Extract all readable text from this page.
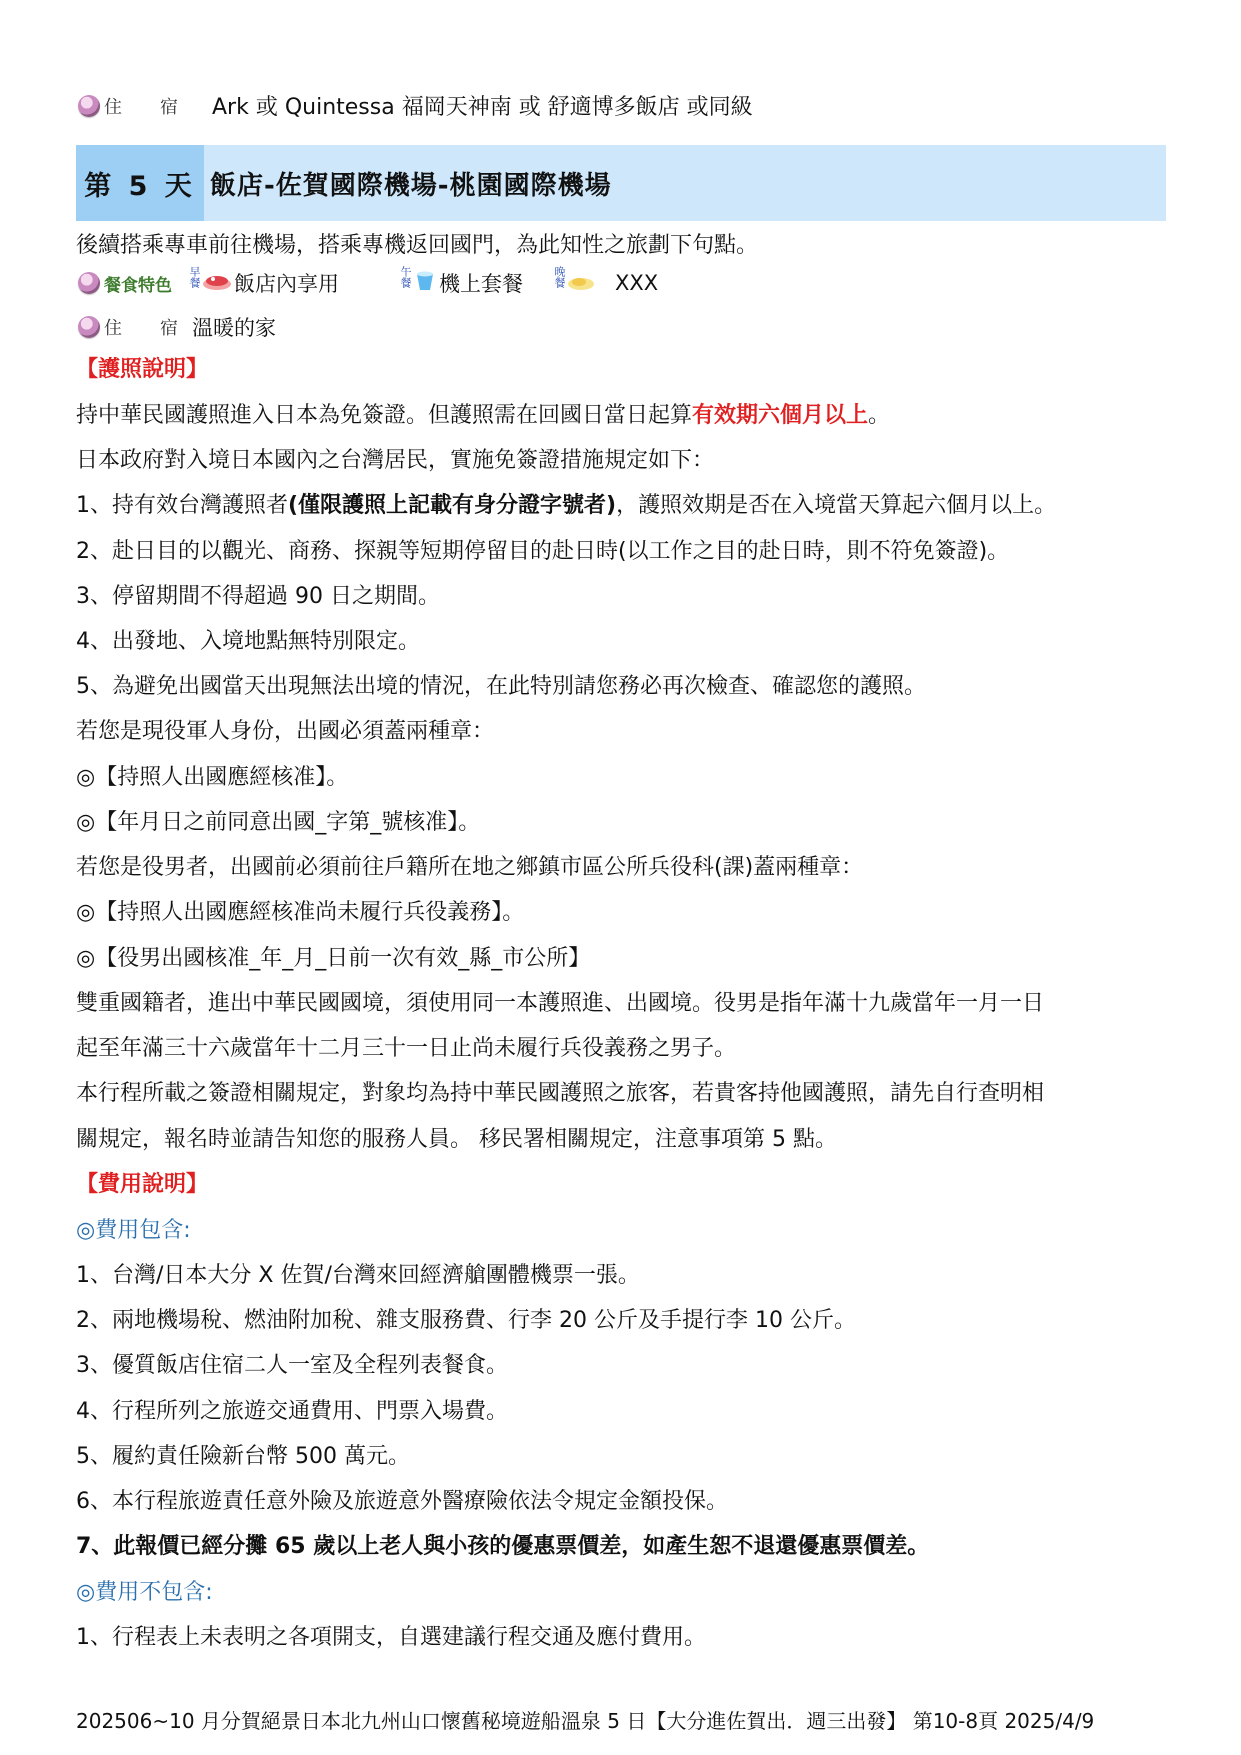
住 宿 Ark 或 Quintessa 福岡天神南 或 舒適博多飯店 或同級
第 5 天 飯店-佐賀國際機場-桃園國際機場
後續搭乘專車前往機場，搭乘專機返回國門，為此知性之旅劃下句點。
餐食特色 早餐 飯店內享用	午餐 機上套餐	晚餐 XXX
住 宿 溫暖的家
【護照說明】
持中華民國護照進入日本為免簽證。但護照需在回國日當日起算有效期六個月以上。
日本政府對入境日本國內之台灣居民，實施免簽證措施規定如下：
1、持有效台灣護照者(僅限護照上記載有身分證字號者)，護照效期是否在入境當天算起六個月以上。
2、赴日目的以觀光、商務、探親等短期停留目的赴日時(以工作之目的赴日時，則不符免簽證)。
3、停留期間不得超過 90 日之期間。
4、出發地、入境地點無特別限定。
5、為避免出國當天出現無法出境的情況，在此特別請您務必再次檢查、確認您的護照。
若您是現役軍人身份，出國必須蓋兩種章：
◎【持照人出國應經核准】。
◎【年月日之前同意出國_字第_號核准】。
若您是役男者，出國前必須前往戶籍所在地之鄉鎮市區公所兵役科(課)蓋兩種章：
◎【持照人出國應經核准尚未履行兵役義務】。
◎【役男出國核准_年_月_日前一次有效_縣_市公所】
雙重國籍者，進出中華民國國境，須使用同一本護照進、出國境。役男是指年滿十九歲當年一月一日
起至年滿三十六歲當年十二月三十一日止尚未履行兵役義務之男子。
本行程所載之簽證相關規定，對象均為持中華民國護照之旅客，若貴客持他國護照，請先自行查明相
關規定，報名時並請告知您的服務人員。 移民署相關規定，注意事項第 5 點。
【費用說明】
◎費用包含:
1、台灣/日本大分 X 佐賀/台灣來回經濟艙團體機票一張。
2、兩地機場稅、燃油附加稅、雜支服務費、行李 20 公斤及手提行李 10 公斤。
3、優質飯店住宿二人一室及全程列表餐食。
4、行程所列之旅遊交通費用、門票入場費。
5、履約責任險新台幣 500 萬元。
6、本行程旅遊責任意外險及旅遊意外醫療險依法令規定金額投保。
7、此報價已經分攤 65 歲以上老人與小孩的優惠票價差，如產生恕不退還優惠票價差。
◎費用不包含:
1、行程表上未表明之各項開支，自選建議行程交通及應付費用。
202506~10 月分賀絕景日本北九州山口懷舊秘境遊船溫泉 5 日【大分進佐賀出．週三出發】 第10-8頁 2025/4/9
